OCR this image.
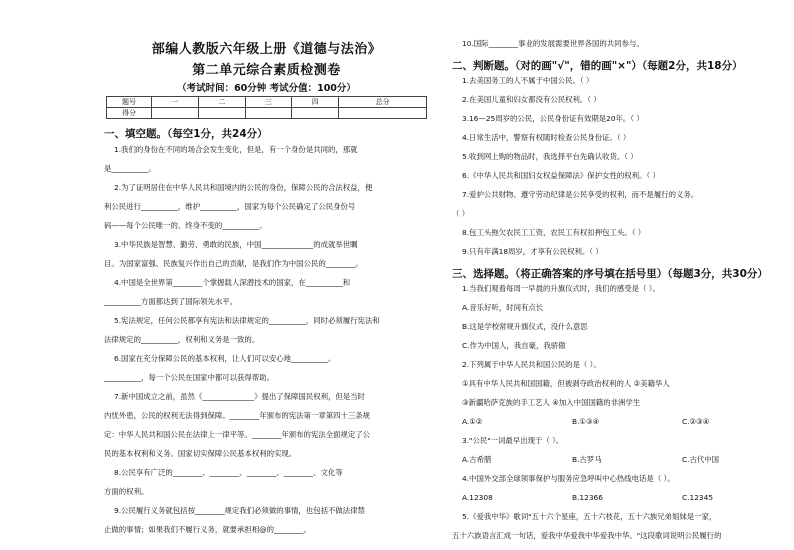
部编人教版六年级上册《道德与法治》
第二单元综合素质检测卷
（考试时间：60分钟 考试分值：100分）
题号	一	二	三	四	总分
得分					
一、填空题。（每空1分，共24分）
1.我们的身份在不同的场合会发生变化，但是，有一个身份是共同的，那就
是__________。
2.为了证明居住在中华人民共和国境内的公民的身份，保障公民的合法权益，便
利公民进行__________，维护__________，国家为每个公民确定了公民身份号
码——每个公民唯一的、终身不变的__________。
3.中华民族是智慧、勤劳、勇敢的民族，中国______________的成就举世瞩
目。为国家富强、民族复兴作出自己的贡献，是我们作为中国公民的________。
4.中国是全世界第________个掌握载人深潜技术的国家，在__________和
__________方面都达到了国际领先水平。
5.宪法规定，任何公民都享有宪法和法律规定的__________，同时必须履行宪法和
法律规定的__________，权利和义务是一致的。
6.国家在充分保障公民的基本权利，让人们可以安心地__________。
__________，每一个公民在国家中都可以获得帮助。
7.新中国成立之前，虽然《______________》提出了保障国民权利，但是当时
内忧外患，公民的权利无法得到保障。________年颁布的宪法第一章第四十三条规
定：中华人民共和国公民在法律上一律平等。________年颁布的宪法全面规定了公
民的基本权利和义务。国家切实保障公民基本权利的实现。
8.公民享有广泛的________、________、________、________、文化等
方面的权利。
9.公民履行义务就包括按________规定我们必须做的事情，也包括不做法律禁
止做的事情；如果我们不履行义务，就要承担相@的________。
10.国际________事业的发展需要世界各国的共同参与。
二、判断题。（对的画"√"，错的画"×"）（每题2分，共18分）
1.去美国务工的人不属于中国公民。（ ）
2.在美国儿童和妇女都没有公民权利。（ ）
3.16—25周岁的公民，公民身份证有效期是20年。（ ）
4.日常生活中，警察有权随时检查公民身份证。（ ）
5.收到网上购的物品时，我选择平台先确认收货。（ ）
6.《中华人民共和国妇女权益保障法》保护女性的权利。（ ）
7.爱护公共财物、遵守劳动纪律是公民享受的权利，而不是履行的义务。
（ ）
8.包工头拖欠农民工工资，农民工有权扣押包工头。（ ）
9.只有年满18周岁，才享有公民权利。（ ）
三、选择题。（将正确答案的序号填在括号里）（每题3分，共30分）
1.当我们观看每周一早晨的升旗仪式时，我们的感受是（ ）。
A.音乐好听，时间有点长
B.这是学校常规升旗仪式，没什么意思
C.作为中国人，我自豪，我骄傲
2.下列属于中华人民共和国公民的是（ ）。
①具有中华人民共和国国籍，但被剥夺政治权利的人 ②美籍华人
③新疆哈萨克族的手工艺人 ④加入中国国籍的非洲学生
A.①②	B.①③④	C.②③④
3."公民"一词最早出现于（ ）。
A.古希腊	B.古罗马	C.古代中国
4.中国外交部全球领事保护与服务应急呼叫中心热线电话是（ ）。
A.12308	B.12366	C.12345
5.《爱我中华》歌词"五十六个星座，五十六枝花，五十六族兄弟姐妹是一家，
五十六族语言汇成一句话，爱我中华爱我中华爱我中华。"这段歌词说明公民履行的
